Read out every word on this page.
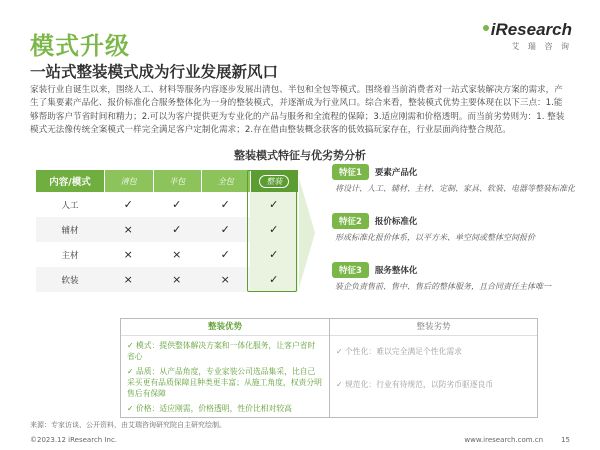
模式升级
一站式整装模式成为行业发展新风口
iResearch
艾 瑞 咨 询
家装行业自诞生以来，围绕人工、材料等服务内容逐步发展出清包、半包和全包等模式。围绕着当前消费者对一站式家装解决方案的需求，产生了集要素产品化、报价标准化合服务整体化为一身的整装模式，并逐渐成为行业风口。综合来看，整装模式优势主要体现在以下三点：1.能够帮助客户节省时间和精力；2.可以为客户提供更为专业化的产品与服务和全流程的保障；3.适应刚需和价格透明。而当前劣势则为：1. 整装模式无法像传统全案模式一样完全满足客户定制化需求；2.存在借由整装概念获客的低效搞玩家存在，行业层面尚待整合规范。
整装模式特征与优劣势分析
内容/模式	清包	半包	全包	整装
人工	✓	✓	✓	✓
辅材	×	✓	✓	✓
主材	×	×	✓	✓
软装	×	×	×	✓
特征1	要素产品化
将设计、人工、辅材、主材、定制、家具、软装、电器等整装标准化
特征2	报价标准化
形成标准化报价体系，以平方米、单空间或整体空间报价
特征3	服务整体化
装企负责售前、售中、售后的整体服务，且合同责任主体唯一
整装优势
✓ 模式：提供整体解决方案和一体化服务，让客户省时省心
✓ 品质：从产品角度，专业家装公司选品集采，比自己采买更有品质保障且种类更丰富；从施工角度，权责分明售后有保障
✓ 价格：适应刚需，价格透明，性价比相对较高
整装劣势
✓ 个性化：难以完全满足个性化需求
✓ 规范化：行业有待规范，以防劣币驱逐良币
来源：专家访谈、公开资料，由艾瑞咨询研究院自主研究绘制。
©2023.12 iResearch Inc.	www.iresearch.com.cn	15
